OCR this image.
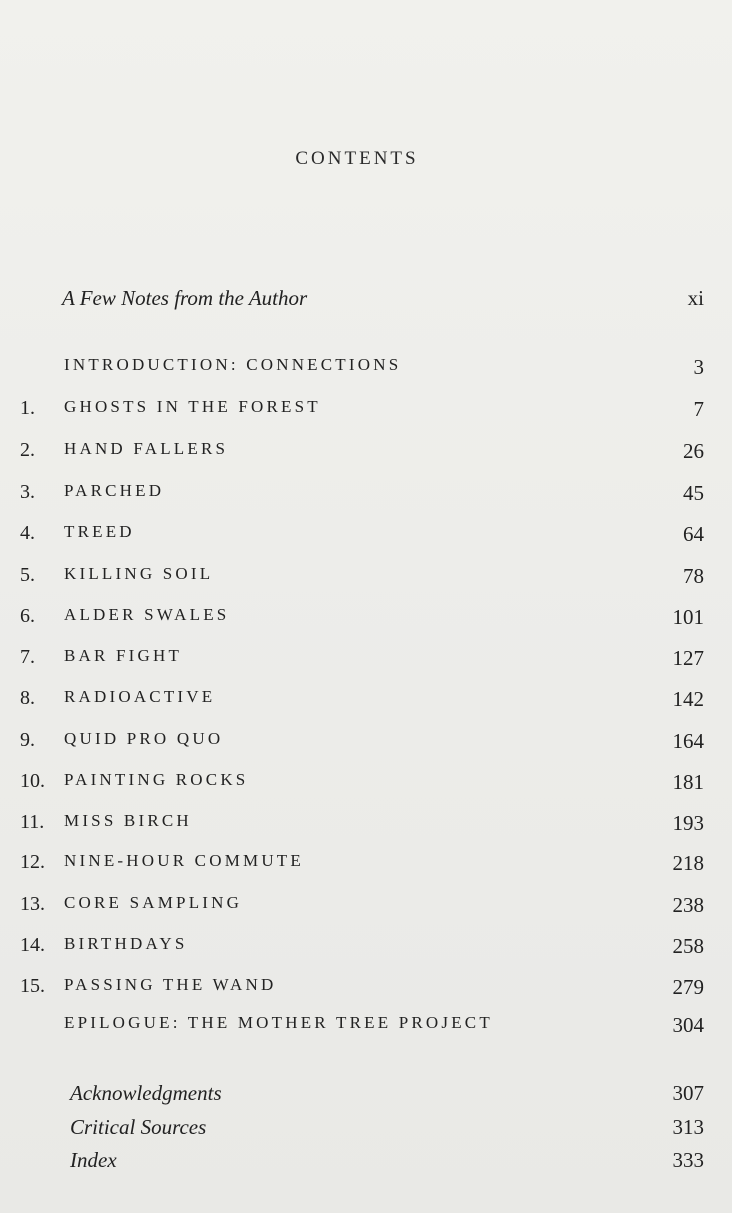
CONTENTS
A Few Notes from the Author	xi
INTRODUCTION: CONNECTIONS	3
1.	GHOSTS IN THE FOREST	7
2.	HAND FALLERS	26
3.	PARCHED	45
4.	TREED	64
5.	KILLING SOIL	78
6.	ALDER SWALES	101
7.	BAR FIGHT	127
8.	RADIOACTIVE	142
9.	QUID PRO QUO	164
10.	PAINTING ROCKS	181
11.	MISS BIRCH	193
12.	NINE-HOUR COMMUTE	218
13.	CORE SAMPLING	238
14.	BIRTHDAYS	258
15.	PASSING THE WAND	279
EPILOGUE: THE MOTHER TREE PROJECT	304
Acknowledgments	307
Critical Sources	313
Index	333
